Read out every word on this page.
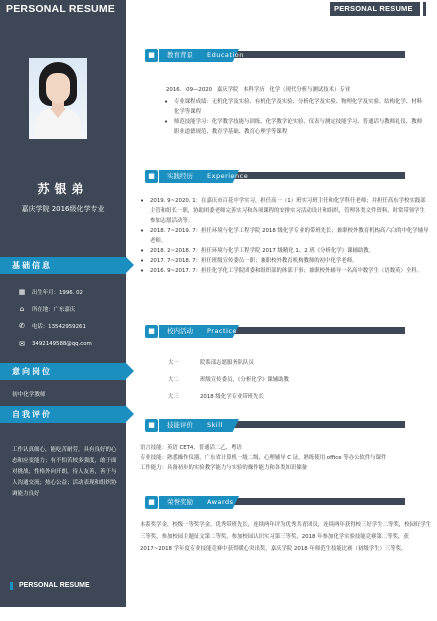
PERSONAL RESUME
苏银弟
嘉庆学院 2016级化学专业
基础信息
▦ 出生年月：1996. 02
⌂	所在地：广东嘉庆
✆ 电话：13542959261
✉ 3492149588@qq.com
意向岗位
初中化学教师
自我评价
工作认真细心，能吃苦耐劳，具有良好的心态和应变能力；有不怕苦较多强度，敢于面对挑战；性格外向开朗，待人友善，善于与人沟通交流；热心公益；活动表现和组织协调能力良好
PERSONAL RESUME
PERSONAL RESUME
■	教育背景 Education
2016. 09—2020 嘉庆学院 本科学历 化学（现代分析与测试技术）专业
• 专业课程成绩：无机化学及实验、有机化学及实验、分析化学及实验、物理化学及实验、结构化学、材料化学等课程
• 师范技能学习：化学教学技能与训练、化学教学论实验、仪表与测定技能学习、普通话与教师礼仪、教师职业道德规范、教育学基础、教育心理学等课程
■	实践经历 Experience
• 2019. 9~2020. 1：在嘉庆市百花中学实习，担任高一（1）班实习班主任和化学科任老师；并担任高东学校实践部主管和组长一职，协助团委老师完善实习和各项课程的安排实习活动设计和组织，管理各类文件资料，时常带领学生参加志愿活动等。
• 2018. 7~2019. 7：担任环境与化学工程学院 2018 级化学专业的带班先长；兼职校外教育机构高六白的中化学辅导老师。
• 2018. 2~2018. 7：担任环境与化学工程学院 2017 级精化 1、2 班《分析化学》课辅助教。
• 2017. 7~2018. 7：担任班级宣传委员一职；兼职校外教育机构教师的初中化学老师。
• 2016. 9~2017. 7：担任化学化工学院团委和组织部的体部干事；兼职校外辅导一名高中数学生（语数英）全科。
■	校内活动 Practice
大一	院系部志愿服务队队员
大二	班级宣传委员，《分析化学》课辅助教
大三	2018 级化学专业带班先长
■	技能评价 Skill
语言技能：英语 CET4，普通话二乙，粤语
专业技能：熟悉操作仪器，广东省计算机一级二级，心理辅导 C 证，熟练使用 office 等办公软件与课件
工作能力：具备初步的实验教学能力与实验的操作能力和各类知识储备
■	荣誉奖励 Awards
本系奖学金，校级一等奖学金，优秀带班先长，连续两年评为优秀共青团员，连续两年获得校三好学生二等奖，校园好学生三等奖，参加校园主题征文第二等奖，参加校园认识实习第三等奖，2018 年参加化学实验技能竞赛第二等奖，获 2017~2018 学年度专业技能竞赛中获得暖心突出奖，嘉庆学院 2018 年师范生技能比赛（初级学生）三等奖。
